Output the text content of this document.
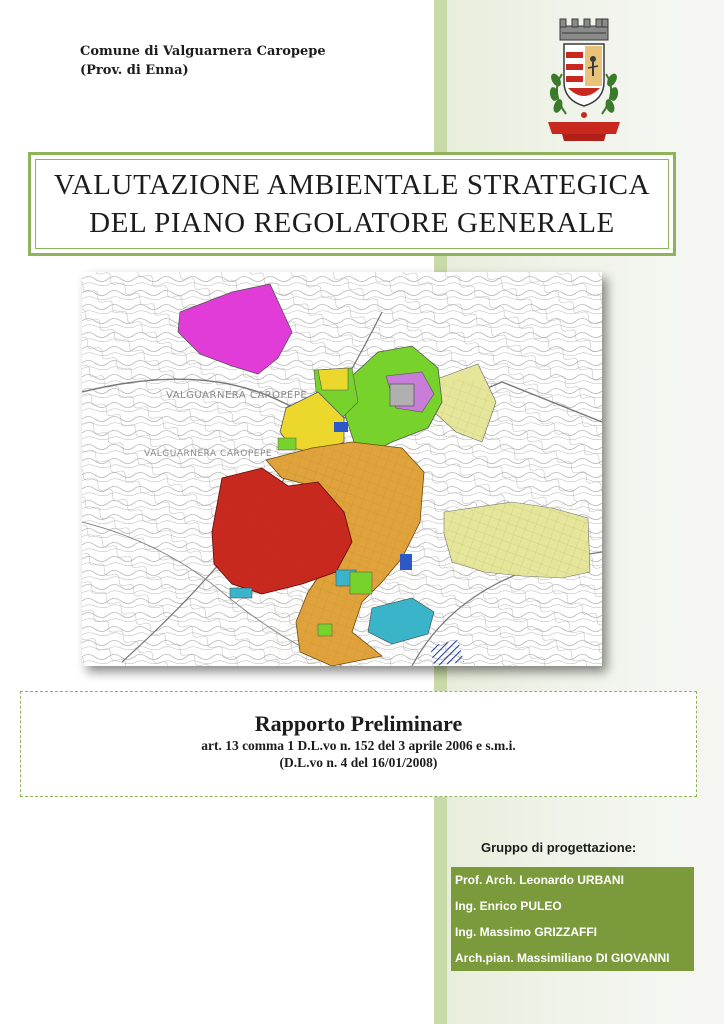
Comune di Valguarnera Caropepe
(Prov. di Enna)
VALUTAZIONE AMBIENTALE STRATEGICA
DEL PIANO REGOLATORE GENERALE
VALGUARNERA CAROPEPE
VALGUARNERA CAROPEPE
Rapporto Preliminare
art. 13 comma 1 D.L.vo n. 152 del 3 aprile 2006 e s.m.i.
(D.L.vo n. 4 del 16/01/2008)
Gruppo di progettazione:
Prof. Arch. Leonardo URBANI
Ing. Enrico PULEO
Ing. Massimo GRIZZAFFI
Arch.pian. Massimiliano DI GIOVANNI
